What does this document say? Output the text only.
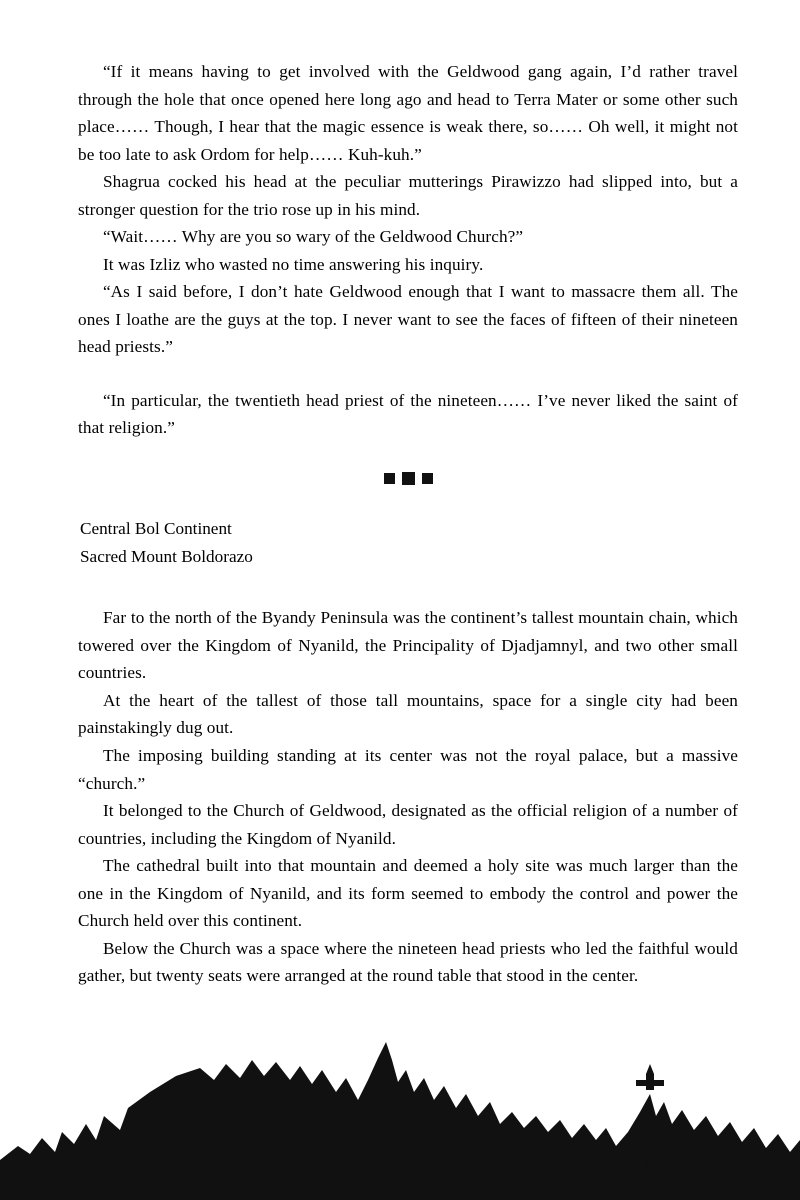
“If it means having to get involved with the Geldwood gang again, I’d rather travel through the hole that once opened here long ago and head to Terra Mater or some other such place…… Though, I hear that the magic essence is weak there, so…… Oh well, it might not be too late to ask Ordom for help…… Kuh-kuh.”

Shagrua cocked his head at the peculiar mutterings Pirawizzo had slipped into, but a stronger question for the trio rose up in his mind.

“Wait…… Why are you so wary of the Geldwood Church?”

It was Izliz who wasted no time answering his inquiry.

“As I said before, I don’t hate Geldwood enough that I want to massacre them all. The ones I loathe are the guys at the top. I never want to see the faces of fifteen of their nineteen head priests.”

“In particular, the twentieth head priest of the nineteen…… I’ve never liked the saint of that religion.”

Central Bol Continent

Sacred Mount Boldorazo

Far to the north of the Byandy Peninsula was the continent’s tallest mountain chain, which towered over the Kingdom of Nyanild, the Principality of Djadjamnyl, and two other small countries.

At the heart of the tallest of those tall mountains, space for a single city had been painstakingly dug out.

The imposing building standing at its center was not the royal palace, but a massive “church.”

It belonged to the Church of Geldwood, designated as the official religion of a number of countries, including the Kingdom of Nyanild.

The cathedral built into that mountain and deemed a holy site was much larger than the one in the Kingdom of Nyanild, and its form seemed to embody the control and power the Church held over this continent.

Below the Church was a space where the nineteen head priests who led the faithful would gather, but twenty seats were arranged at the round table that stood in the center.
